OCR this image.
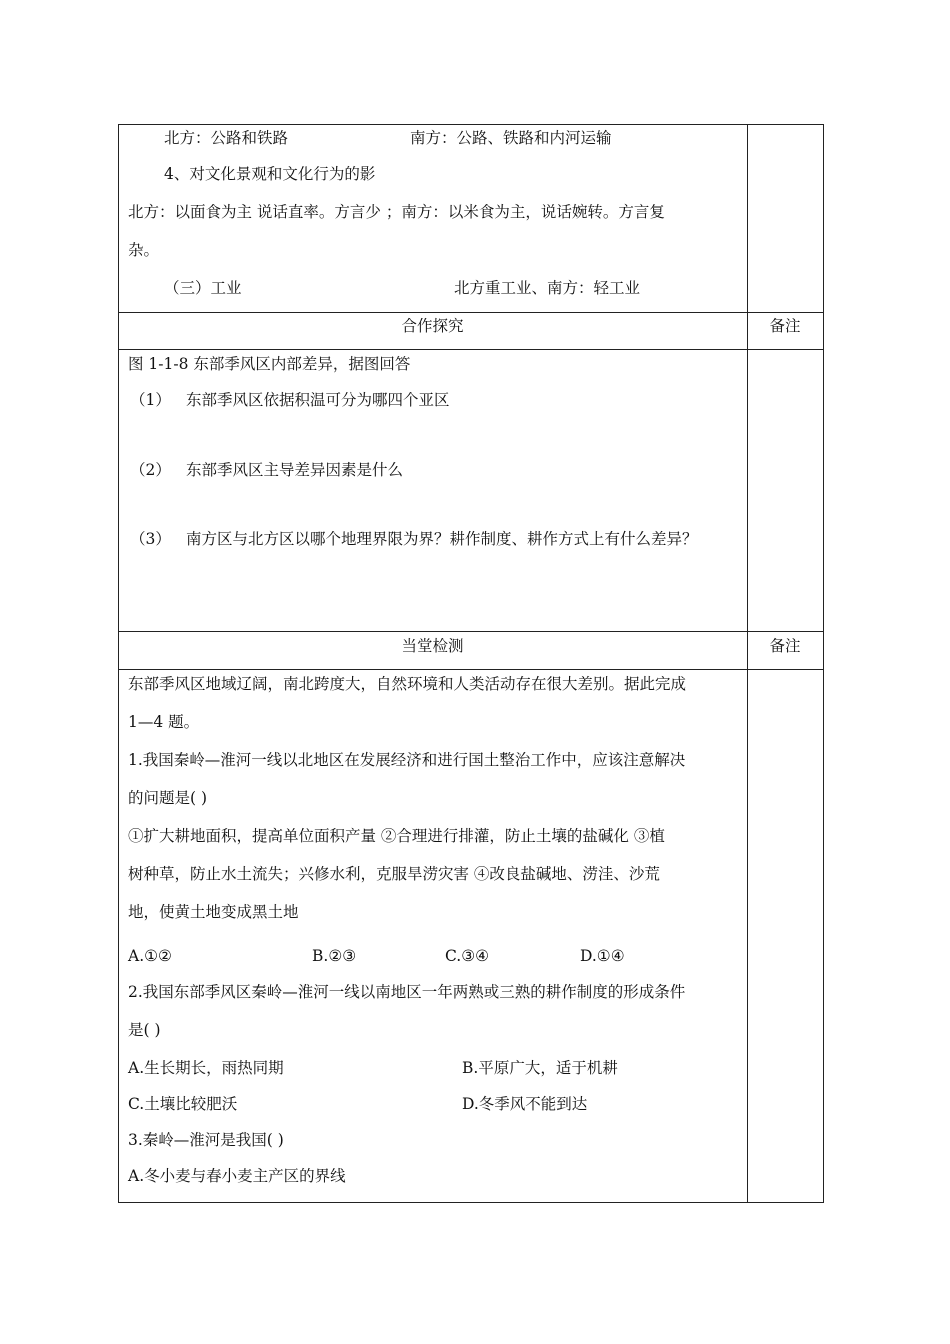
北方：公路和铁路	南方：公路、铁路和内河运输
4、对文化景观和文化行为的影
北方：以面食为主 说话直率。方言少 ；南方：以米食为主，说话婉转。方言复
杂。
（三）工业	北方重工业、南方：轻工业
合作探究	备注
图 1-1-8 东部季风区内部差异，据图回答
（1） 东部季风区依据积温可分为哪四个亚区
（2） 东部季风区主导差异因素是什么
（3） 南方区与北方区以哪个地理界限为界？耕作制度、耕作方式上有什么差异？
当堂检测	备注
东部季风区地域辽阔，南北跨度大，自然环境和人类活动存在很大差别。据此完成
1—4 题。
1.我国秦岭—淮河一线以北地区在发展经济和进行国土整治工作中，应该注意解决
的问题是( )
①扩大耕地面积，提高单位面积产量 ②合理进行排灌，防止土壤的盐碱化 ③植
树种草，防止水土流失；兴修水利，克服旱涝灾害 ④改良盐碱地、涝洼、沙荒
地，使黄土地变成黑土地
A.①②	B.②③	C.③④	D.①④
2.我国东部季风区秦岭—淮河一线以南地区一年两熟或三熟的耕作制度的形成条件
是( )
A.生长期长，雨热同期	B.平原广大，适于机耕
C.土壤比较肥沃	D.冬季风不能到达
3.秦岭—淮河是我国( )
A.冬小麦与春小麦主产区的界线
